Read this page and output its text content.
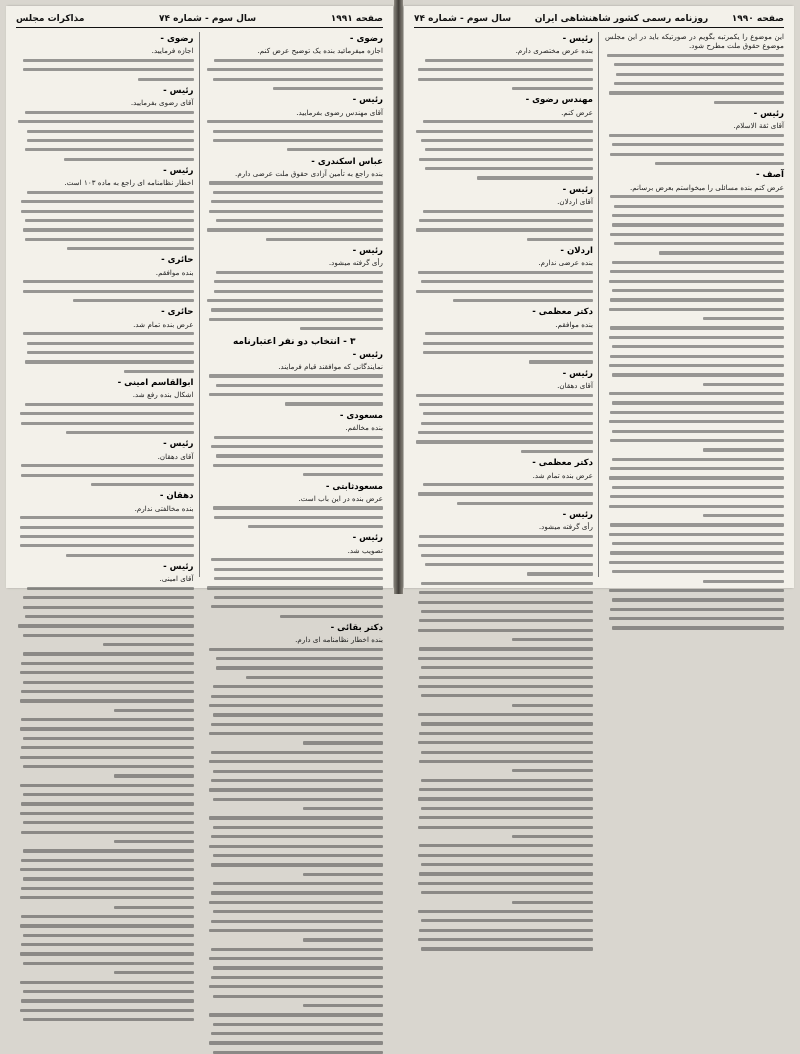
صفحه ۱۹۹۱
سال سوم - شماره ۷۴
مذاکرات مجلس

رضوی -
اجازه میفرمائید بنده یک توضیح عرض کنم.

رئیس -
آقای مهندس رضوی بفرمایید.

عباس اسکندری -
بنده راجع به تأمین آزادی حقوق ملت عرضی دارم.

رئیس -
رأی گرفته میشود.

۳ - انتخاب دو نفر اعتبارنامه

رئیس -
نمایندگانی که موافقند قیام فرمایند.

مسعودی -
بنده مخالفم.

مسعودثابتی -
عرض بنده در این باب است.

رئیس -
تصویب شد.

دکتر بقائی -
بنده اخطار نظامنامه ای دارم.

رضوی -
اجازه فرمایید.

رئیس -
آقای رضوی بفرمایید.

رئیس -
اخطار نظامنامه ای راجع به ماده ۱۰۳ است.

حائری -
بنده موافقم.

حائری -
عرض بنده تمام شد.

ابوالقاسم امینی -
اشکال بنده رفع شد.

رئیس -
آقای دهقان.

دهقان -
بنده مخالفتی ندارم.

رئیس -
آقای امینی.

صفحه ۱۹۹۰
روزنامه رسمی کشور شاهنشاهی ایران
سال سوم - شماره ۷۴

این موضوع را یکمرتبه بگویم در صورتیکه باید در این مجلس موضوع حقوق ملت مطرح شود.

رئیس -
آقای ثقة الاسلام.

آصف -
عرض کنم بنده مسائلی را میخواستم بعرض برسانم.

رئیس -
بنده عرض مختصری دارم.

مهندس رضوی -
عرض کنم.

رئیس -
آقای اردلان.

اردلان -
بنده عرضی ندارم.

دکتر معظمی -
بنده موافقم.

رئیس -
آقای دهقان.

دکتر معظمی -
عرض بنده تمام شد.

رئیس -
رأی گرفته میشود.
